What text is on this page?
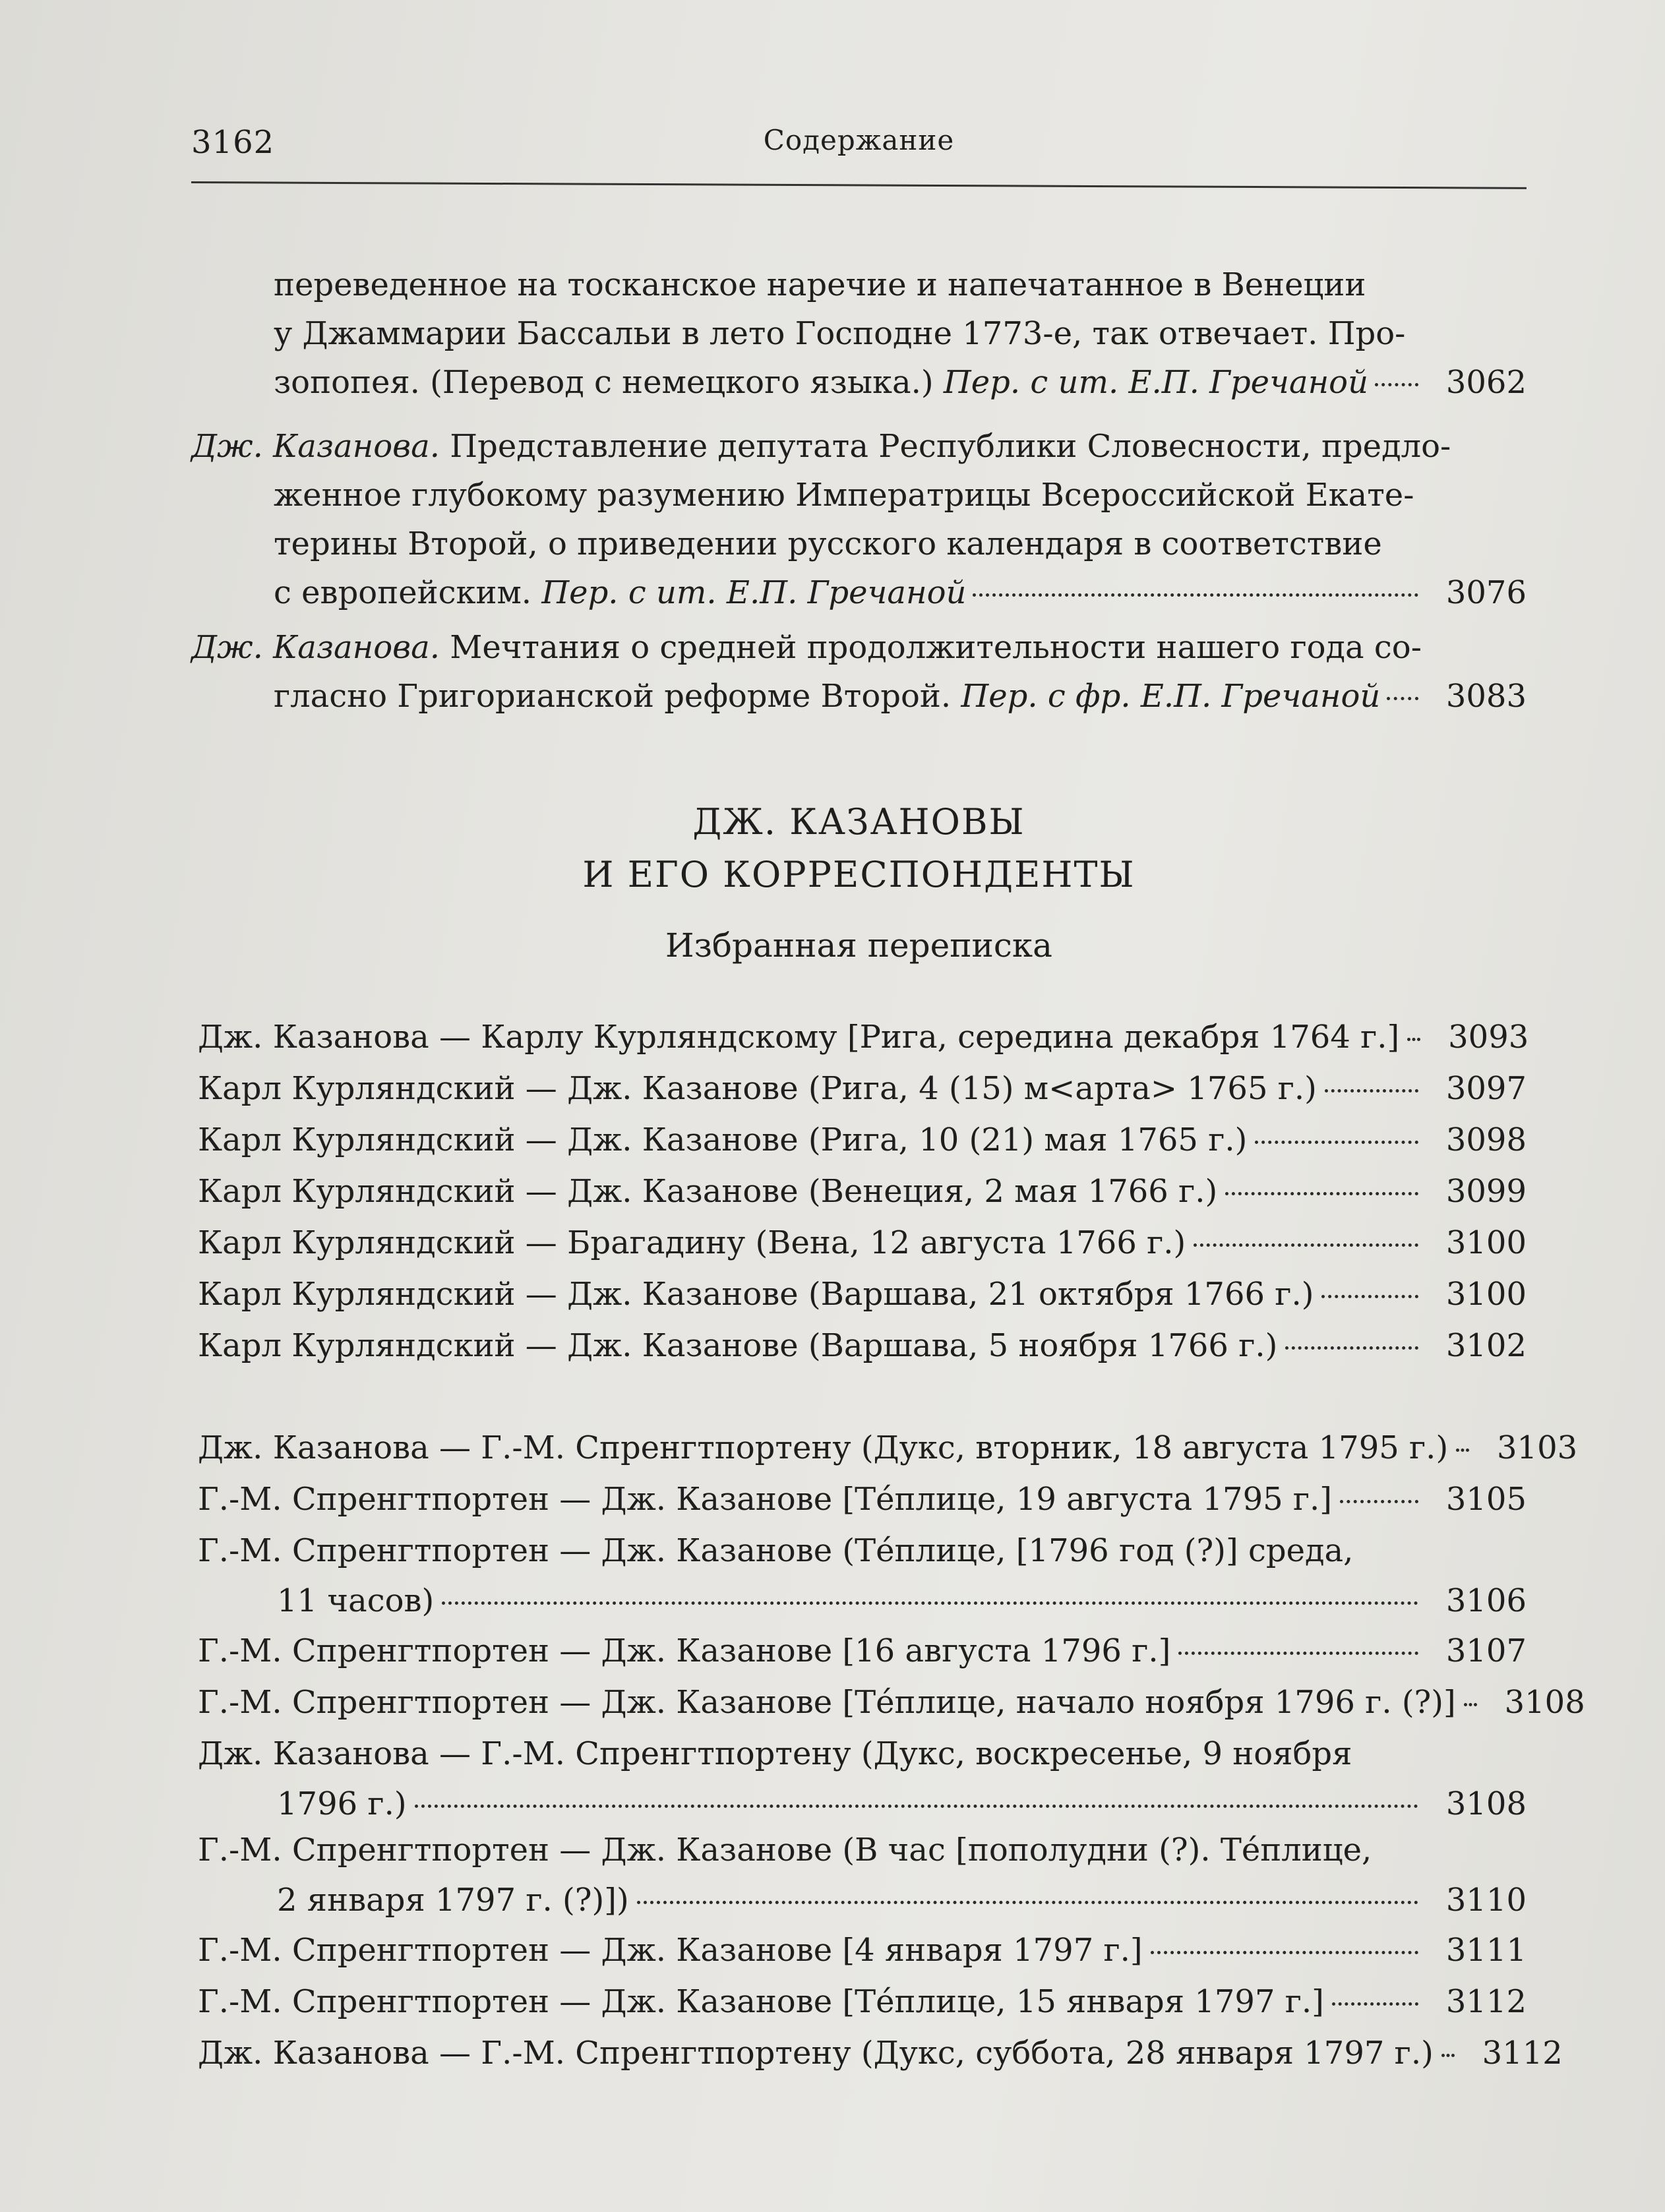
3162	Содержание
переведенное на тосканское наречие и напечатанное в Венеции
у Джаммарии Бассальи в лето Господне 1773-е, так отвечает. Про-
зопопея. (Перевод с немецкого языка.) Пер. с ит. Е.П. Гречаной	3062
Дж. Казанова. Представление депутата Республики Словесности, предло-
женное глубокому разумению Императрицы Всероссийской Екате-
терины Второй, о приведении русского календаря в соответствие
с европейским. Пер. с ит. Е.П. Гречаной	3076
Дж. Казанова. Мечтания о средней продолжительности нашего года со-
гласно Григорианской реформе Второй. Пер. с фр. Е.П. Гречаной	3083
ДЖ. КАЗАНОВЫ
И ЕГО КОРРЕСПОНДЕНТЫ
Избранная переписка
Дж. Казанова — Карлу Курляндскому [Рига, середина декабря 1764 г.]	3093
Карл Курляндский — Дж. Казанове (Рига, 4 (15) м<арта> 1765 г.)	3097
Карл Курляндский — Дж. Казанове (Рига, 10 (21) мая 1765 г.)	3098
Карл Курляндский — Дж. Казанове (Венеция, 2 мая 1766 г.)	3099
Карл Курляндский — Брагадину (Вена, 12 августа 1766 г.)	3100
Карл Курляндский — Дж. Казанове (Варшава, 21 октября 1766 г.)	3100
Карл Курляндский — Дж. Казанове (Варшава, 5 ноября 1766 г.)	3102
Дж. Казанова — Г.-М. Спренгтпортену (Дукс, вторник, 18 августа 1795 г.)	3103
Г.-М. Спренгтпортен — Дж. Казанове [Те́плице, 19 августа 1795 г.]	3105
Г.-М. Спренгтпортен — Дж. Казанове (Те́плице, [1796 год (?)] среда,
11 часов)	3106
Г.-М. Спренгтпортен — Дж. Казанове [16 августа 1796 г.]	3107
Г.-М. Спренгтпортен — Дж. Казанове [Те́плице, начало ноября 1796 г. (?)]	3108
Дж. Казанова — Г.-М. Спренгтпортену (Дукс, воскресенье, 9 ноября
1796 г.)	3108
Г.-М. Спренгтпортен — Дж. Казанове (В час [пополудни (?). Те́плице,
2 января 1797 г. (?)])	3110
Г.-М. Спренгтпортен — Дж. Казанове [4 января 1797 г.]	3111
Г.-М. Спренгтпортен — Дж. Казанове [Те́плице, 15 января 1797 г.]	3112
Дж. Казанова — Г.-М. Спренгтпортену (Дукс, суббота, 28 января 1797 г.)	3112
